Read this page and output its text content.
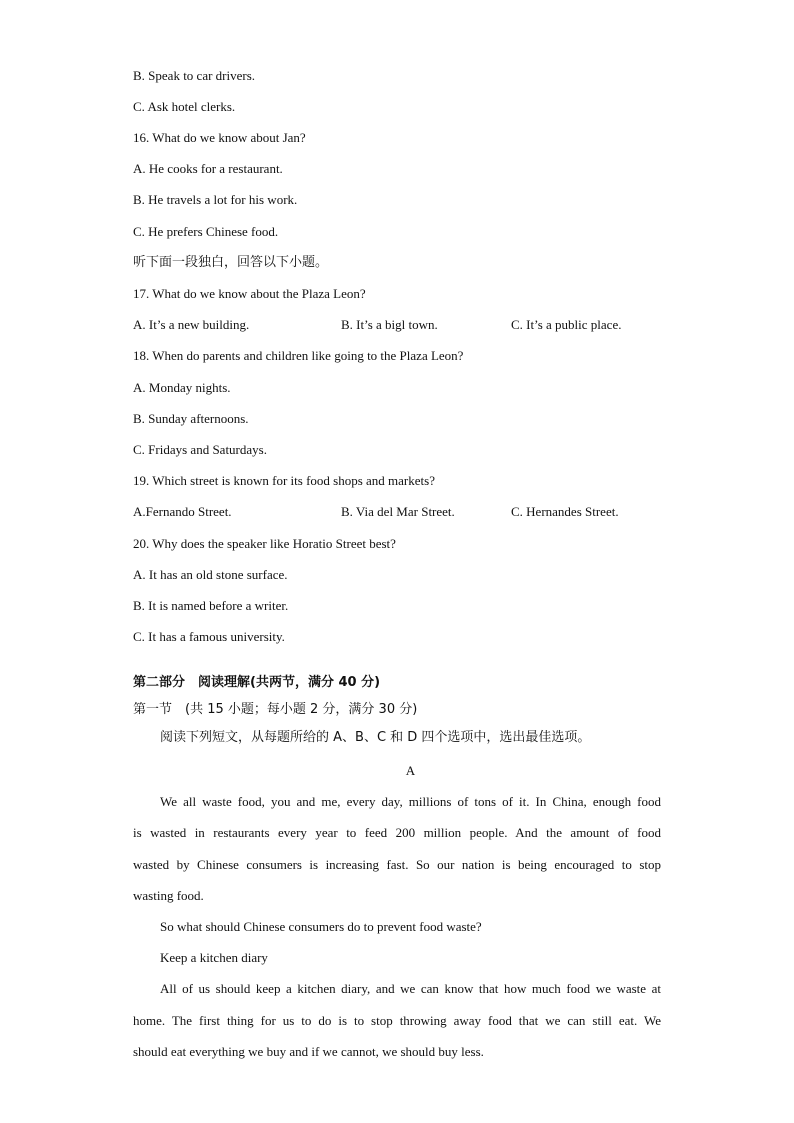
B. Speak to car drivers.
C. Ask hotel clerks.
16. What do we know about Jan?
A. He cooks for a restaurant.
B. He travels a lot for his work.
C. He prefers Chinese food.
听下面一段独白，回答以下小题。
17. What do we know about the Plaza Leon?
A. It’s a new building.	B. It’s a bigl town.	C. It’s a public place.
18. When do parents and children like going to the Plaza Leon?
A. Monday nights.
B. Sunday afternoons.
C. Fridays and Saturdays.
19. Which street is known for its food shops and markets?
A.Fernando Street.	B. Via del Mar Street.	C. Hernandes Street.
20. Why does the speaker like Horatio Street best?
A. It has an old stone surface.
B. It is named before a writer.
C. It has a famous university.
第二部分　阅读理解(共两节，满分 40 分)
第一节　(共 15 小题；每小题 2 分，满分 30 分)
阅读下列短文，从每题所给的 A、B、C 和 D 四个选项中，选出最佳选项。
A
We all waste food, you and me, every day, millions of tons of it. In China, enough food
is wasted in restaurants every year to feed 200 million people. And the amount of food
wasted by Chinese consumers is increasing fast. So our nation is being encouraged to stop
wasting food.
So what should Chinese consumers do to prevent food waste?
Keep a kitchen diary
All of us should keep a kitchen diary, and we can know that how much food we waste at
home. The first thing for us to do is to stop throwing away food that we can still eat. We
should eat everything we buy and if we cannot, we should buy less.
